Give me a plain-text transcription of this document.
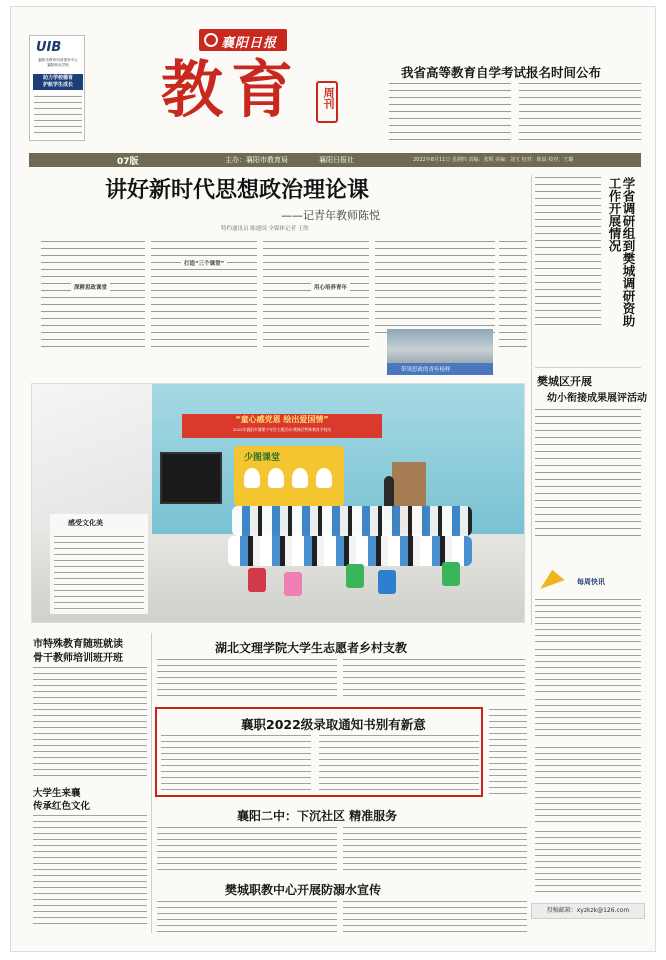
UIB
襄阳市教育培训指导中心
襄阳职业学校
助力学校德育
护航学生成长
襄阳日报
教育 周刊
我省高等教育自学考试报名时间公布
07版	主办：襄阳市教育局	襄阳日报社	2022年8月11日 星期四 责编：张辉 美编：刘玉 校对：陈晨 校对：王璐
讲好新时代思想政治理论课
——记青年教师陈悦
特约通讯员 陈建国 全媒体记者 王欣
深耕思政课堂
打造“三个课堂”
用心培养青年
带领思政的青年榜样
学省调研组到樊城调研资助工作开展情况
樊城区开展
幼小衔接成果展评活动
“童心感党恩 绘出爱国情”
2022年襄阳市暑期少年宫主题活动·樊城区特殊教育学校站
少图课堂
感受文化美
每周快讯
市特殊教育随班就读
骨干教师培训班开班
大学生来襄
传承红色文化
湖北文理学院大学生志愿者乡村支教
襄职2022级录取通知书别有新意
襄阳二中：下沉社区 精准服务
樊城职教中心开展防溺水宣传
投稿邮箱：xyzkzk@126.com
